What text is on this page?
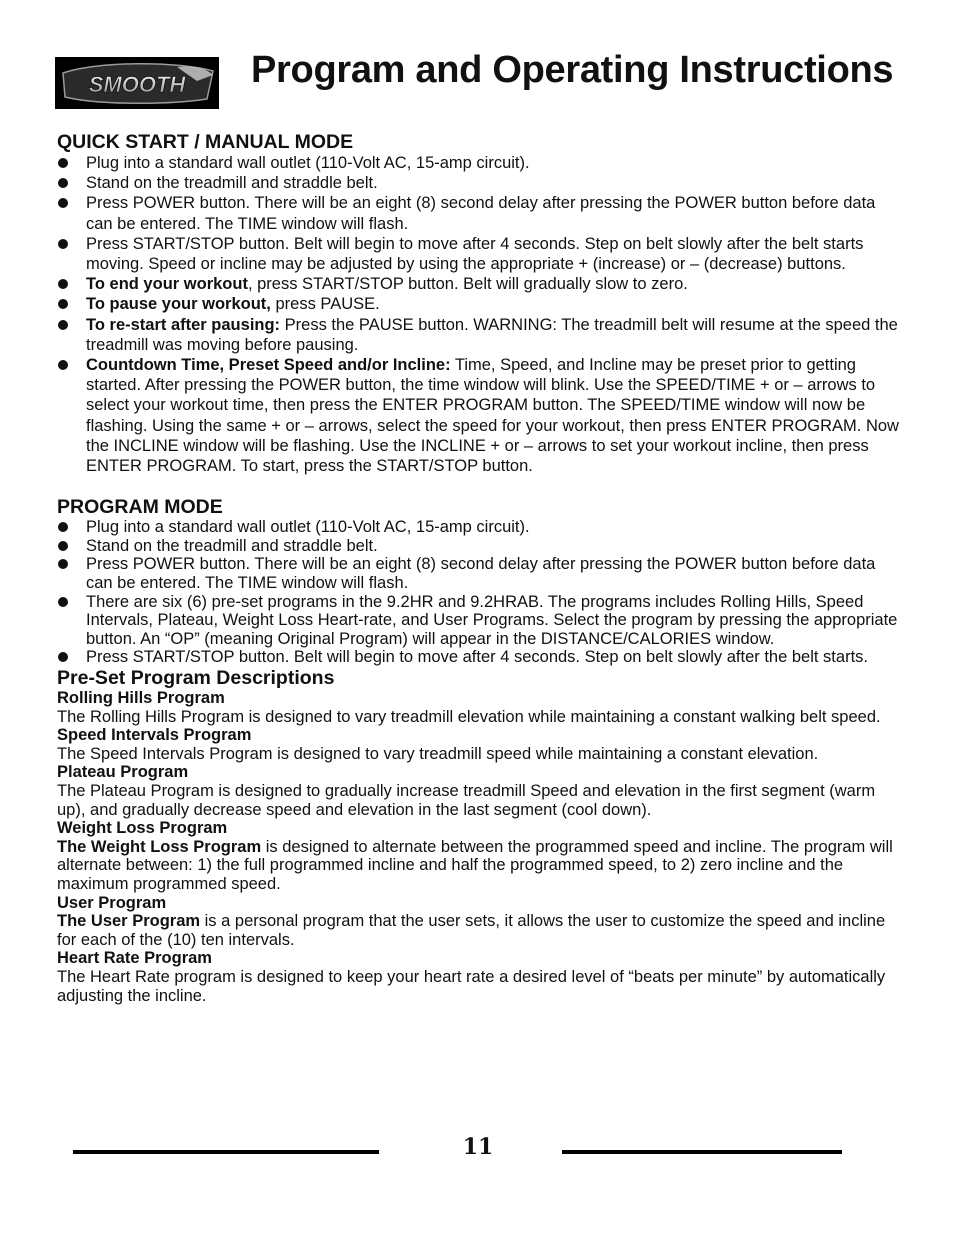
SMOOTH Program and Operating Instructions
QUICK START / MANUAL MODE
Plug into a standard wall outlet (110-Volt AC, 15-amp circuit).
Stand on the treadmill and straddle belt.
Press POWER button. There will be an eight (8) second delay after pressing the POWER button before data can be entered. The TIME window will flash.
Press START/STOP button. Belt will begin to move after 4 seconds. Step on belt slowly after the belt starts moving. Speed or incline may be adjusted by using the appropriate + (increase) or – (decrease) buttons.
To end your workout, press START/STOP button. Belt will gradually slow to zero.
To pause your workout, press PAUSE.
To re-start after pausing: Press the PAUSE button. WARNING: The treadmill belt will resume at the speed the treadmill was moving before pausing.
Countdown Time, Preset Speed and/or Incline: Time, Speed, and Incline may be preset prior to getting started. After pressing the POWER button, the time window will blink. Use the SPEED/TIME + or – arrows to select your workout time, then press the ENTER PROGRAM button. The SPEED/TIME window will now be flashing. Using the same + or – arrows, select the speed for your workout, then press ENTER PROGRAM. Now the INCLINE window will be flashing. Use the INCLINE + or – arrows to set your workout incline, then press ENTER PROGRAM. To start, press the START/STOP button.
PROGRAM MODE
Plug into a standard wall outlet (110-Volt AC, 15-amp circuit).
Stand on the treadmill and straddle belt.
Press POWER button. There will be an eight (8) second delay after pressing the POWER button before data can be entered. The TIME window will flash.
There are six (6) pre-set programs in the 9.2HR and 9.2HRAB. The programs includes Rolling Hills, Speed Intervals, Plateau, Weight Loss Heart-rate, and User Programs. Select the program by pressing the appropriate button. An “OP” (meaning Original Program) will appear in the DISTANCE/CALORIES window.
Press START/STOP button. Belt will begin to move after 4 seconds. Step on belt slowly after the belt starts.
Pre-Set Program Descriptions
Rolling Hills Program

The Rolling Hills Program is designed to vary treadmill elevation while maintaining a constant walking belt speed.

Speed Intervals Program

The Speed Intervals Program is designed to vary treadmill speed while maintaining a constant elevation.

Plateau Program

The Plateau Program is designed to gradually increase treadmill Speed and elevation in the first segment (warm up), and gradually decrease speed and elevation in the last segment (cool down).

Weight Loss Program

The Weight Loss Program is designed to alternate between the programmed speed and incline. The program will alternate between: 1) the full programmed incline and half the programmed speed, to 2) zero incline and the maximum programmed speed.

User Program

The User Program is a personal program that the user sets, it allows the user to customize the speed and incline for each of the (10) ten intervals.

Heart Rate Program

The Heart Rate program is designed to keep your heart rate a desired level of “beats per minute” by automatically adjusting the incline.

11
